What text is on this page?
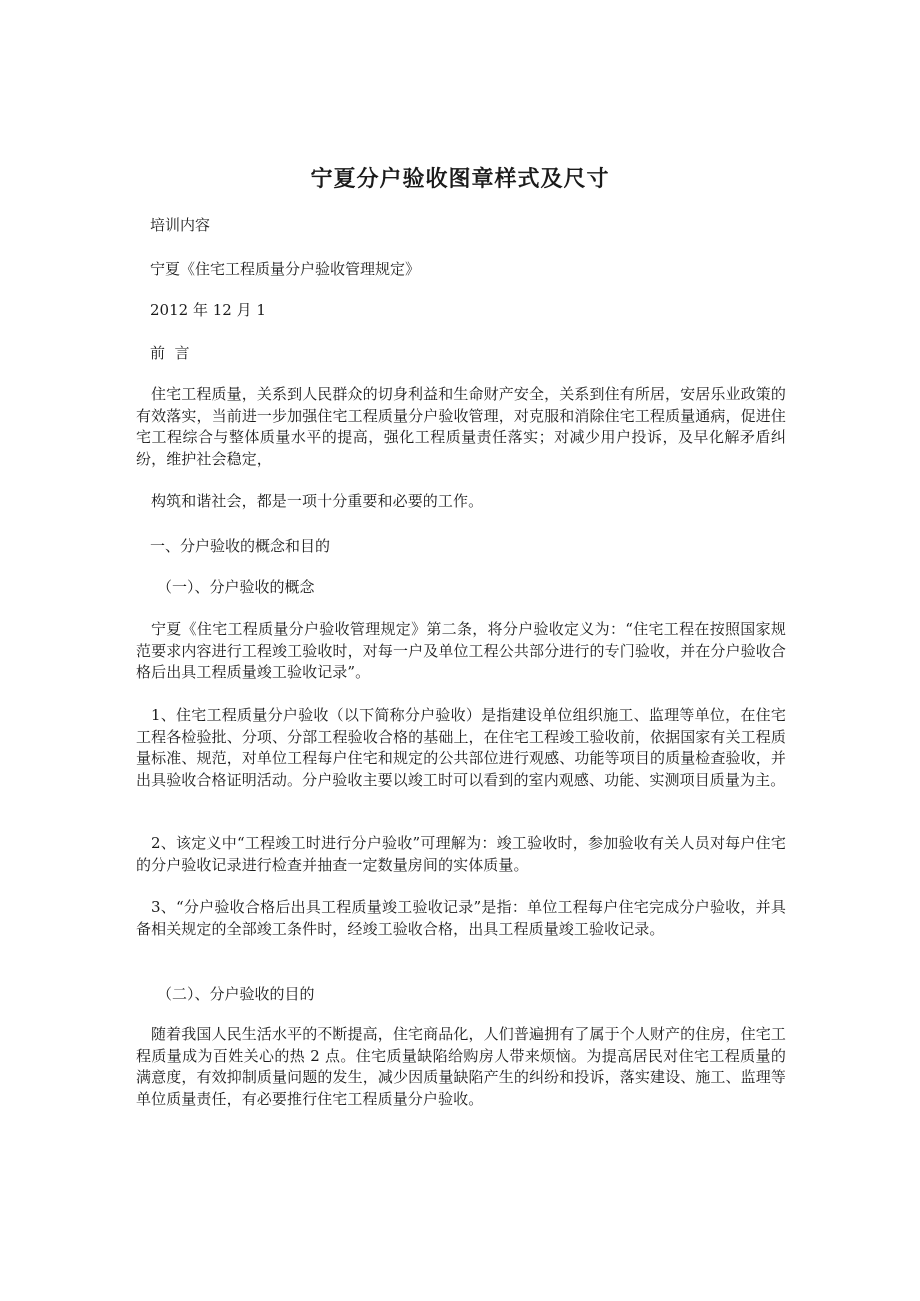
宁夏分户验收图章样式及尺寸
培训内容
宁夏《住宅工程质量分户验收管理规定》
2012 年 12 月 1
前  言
住宅工程质量，关系到人民群众的切身利益和生命财产安全，关系到住有所居，安居乐业政策的有效落实，当前进一步加强住宅工程质量分户验收管理，对克服和消除住宅工程质量通病，促进住宅工程综合与整体质量水平的提高，强化工程质量责任落实；对减少用户投诉，及早化解矛盾纠纷，维护社会稳定，
构筑和谐社会，都是一项十分重要和必要的工作。
一、分户验收的概念和目的
（一）、分户验收的概念
宁夏《住宅工程质量分户验收管理规定》第二条，将分户验收定义为：“住宅工程在按照国家规范要求内容进行工程竣工验收时，对每一户及单位工程公共部分进行的专门验收，并在分户验收合格后出具工程质量竣工验收记录”。
1、住宅工程质量分户验收（以下简称分户验收）是指建设单位组织施工、监理等单位，在住宅工程各检验批、分项、分部工程验收合格的基础上，在住宅工程竣工验收前，依据国家有关工程质量标准、规范，对单位工程每户住宅和规定的公共部位进行观感、功能等项目的质量检查验收，并出具验收合格证明活动。分户验收主要以竣工时可以看到的室内观感、功能、实测项目质量为主。
2、该定义中“工程竣工时进行分户验收”可理解为：竣工验收时，参加验收有关人员对每户住宅的分户验收记录进行检查并抽查一定数量房间的实体质量。
3、“分户验收合格后出具工程质量竣工验收记录”是指：单位工程每户住宅完成分户验收，并具备相关规定的全部竣工条件时，经竣工验收合格，出具工程质量竣工验收记录。
（二）、分户验收的目的
随着我国人民生活水平的不断提高，住宅商品化，人们普遍拥有了属于个人财产的住房，住宅工程质量成为百姓关心的热 2 点。住宅质量缺陷给购房人带来烦恼。为提高居民对住宅工程质量的满意度，有效抑制质量问题的发生，减少因质量缺陷产生的纠纷和投诉，落实建设、施工、监理等单位质量责任，有必要推行住宅工程质量分户验收。
